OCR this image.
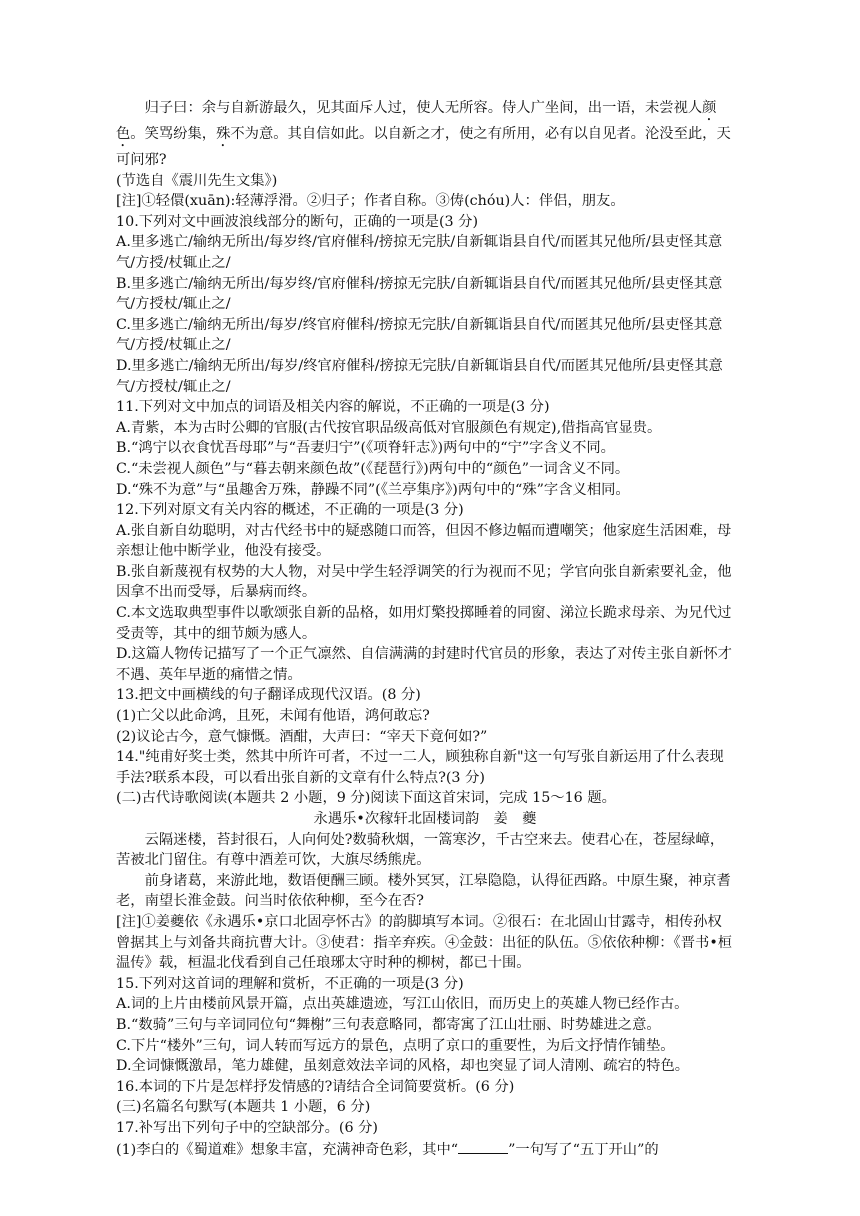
归子曰：余与自新游最久，见其面斥人过，使人无所容。侍人广坐间，出一语，未尝视人颜色。笑骂纷集，殊不为意。其自信如此。以自新之才，使之有所用，必有以自见者。沦没至此，天可问邪?

(节选自《震川先生文集》)

[注]①轻儇(xuān):轻薄浮滑。②归子；作者自称。③俦(chóu)人：伴侣，朋友。

10.下列对文中画波浪线部分的断句，正确的一项是(3 分)

A.里多逃亡/输纳无所出/每岁终/官府催科/搒掠无完肤/自新辄诣县自代/而匿其兄他所/县吏怪其意气/方授/杖辄止之/

B.里多逃亡/输纳无所出/每岁终/官府催科/搒掠无完肤/自新辄诣县自代/而匿其兄他所/县吏怪其意气/方授杖/辄止之/

C.里多逃亡/输纳无所出/每岁/终官府催科/搒掠无完肤/自新辄诣县自代/而匿其兄他所/县吏怪其意气/方授/杖辄止之/

D.里多逃亡/输纳无所出/每岁/终官府催科/搒掠无完肤/自新辄诣县自代/而匿其兄他所/县吏怪其意气/方授杖/辄止之/

11.下列对文中加点的词语及相关内容的解说，不正确的一项是(3 分)

A.青紫，本为古时公卿的官服(古代按官职品级高低对官服颜色有规定),借指高官显贵。

B.“鸿宁以衣食忧吾母耶”与“吾妻归宁”(《项脊轩志》)两句中的“宁”字含义不同。

C.“未尝视人颜色”与“暮去朝来颜色故”(《琵琶行》)两句中的“颜色”一词含义不同。

D.“殊不为意”与“虽趣舍万殊，静躁不同”(《兰亭集序》)两句中的“殊”字含义相同。

12.下列对原文有关内容的概述，不正确的一项是(3 分)

A.张自新自幼聪明，对古代经书中的疑惑随口而答，但因不修边幅而遭嘲笑；他家庭生活困难，母亲想让他中断学业，他没有接受。

B.张自新蔑视有权势的大人物，对吴中学生轻浮调笑的行为视而不见；学官向张自新索要礼金，他因拿不出而受辱，后暴病而终。

C.本文选取典型事件以歌颂张自新的品格，如用灯檠投掷睡着的同窗、涕泣长跪求母亲、为兄代过受责等，其中的细节颇为感人。

D.这篇人物传记描写了一个正气凛然、自信满满的封建时代官员的形象，表达了对传主张自新怀才不遇、英年早逝的痛惜之情。

13.把文中画横线的句子翻译成现代汉语。(8 分)

(1)亡父以此命鸿，且死，未闻有他语，鸿何敢忘?

(2)议论古今，意气慷慨。酒酣，大声曰：“宰天下竟何如?”

14."纯甫好奖士类，然其中所许可者，不过一二人，顾独称自新"这一句写张自新运用了什么表现手法?联系本段，可以看出张自新的文章有什么特点?(3 分)

(二)古代诗歌阅读(本题共 2 小题，9 分)阅读下面这首宋词，完成 15～16 题。

永遇乐•次稼轩北固楼词韵　姜　夔

云隔迷楼，苔封很石，人向何处?数骑秋烟，一篙寒汐，千古空来去。使君心在，苍屋绿嶂，苦被北门留住。有尊中酒差可饮，大旗尽绣熊虎。

前身诸葛，来游此地，数语便酬三顾。楼外冥冥，江皋隐隐，认得征西路。中原生聚，神京耆老，南望长淮金鼓。问当时依依种柳，至今在否?

[注]①姜夔依《永遇乐•京口北固亭怀古》的韵脚填写本词。②很石：在北固山甘露寺，相传孙权曾据其上与刘备共商抗曹大计。③使君：指辛弃疾。④金鼓：出征的队伍。⑤依依种柳：《晋书•桓温传》载，桓温北伐看到自己任琅琊太守时种的柳树，都已十围。

15.下列对这首词的理解和赏析，不正确的一项是(3 分)

A.词的上片由楼前风景开篇，点出英雄遗迹，写江山依旧，而历史上的英雄人物已经作古。

B.“数骑”三句与辛词同位句“舞榭”三句表意略同，都寄寓了江山壮丽、时势雄进之意。

C.下片“楼外”三句，词人转而写远方的景色，点明了京口的重要性，为后文抒情作铺垫。

D.全词慷慨激昂，笔力雄健，虽刻意效法辛词的风格，却也突显了词人清刚、疏宕的特色。

16.本词的下片是怎样抒发情感的?请结合全词简要赏析。(6 分)

(三)名篇名句默写(本题共 1 小题，6 分)

17.补写出下列句子中的空缺部分。(6 分)

(1)李白的《蜀道难》想象丰富，充满神奇色彩，其中“	”一句写了“五丁开山”的
